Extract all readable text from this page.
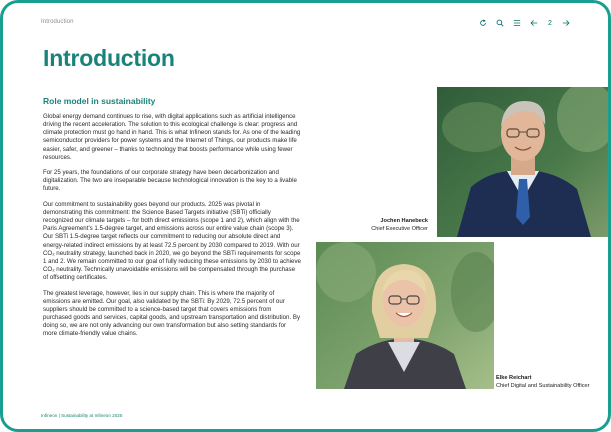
Introduction	2
Introduction
Role model in sustainability

Global energy demand continues to rise, with digital applications such as artificial intelligence driving the recent acceleration. The solution to this ecological challenge is clear: progress and climate protection must go hand in hand. This is what Infineon stands for. As one of the leading semiconductor providers for power systems and the Internet of Things, our products make life easier, safer, and greener – thanks to technology that boosts performance while using fewer resources.

For 25 years, the foundations of our corporate strategy have been decarbonization and digitalization. The two are inseparable because technological innovation is the key to a livable future.

Our commitment to sustainability goes beyond our products. 2025 was pivotal in demonstrating this commitment: the Science Based Targets initiative (SBTi) officially recognized our climate targets – for both direct emissions (scope 1 and 2), which align with the Paris Agreement’s 1.5-degree target, and emissions across our entire value chain (scope 3). Our SBTi 1.5-degree target reflects our commitment to reducing our absolute direct and energy-related indirect emissions by at least 72.5 percent by 2030 compared to 2019. With our CO₂ neutrality strategy, launched back in 2020, we go beyond the SBTi requirements for scope 1 and 2. We remain committed to our goal of fully reducing these emissions by 2030 to achieve CO₂ neutrality. Technically unavoidable emissions will be compensated through the purchase of offsetting certificates.

The greatest leverage, however, lies in our supply chain. This is where the majority of emissions are emitted. Our goal, also validated by the SBTi: By 2029, 72.5 percent of our suppliers should be committed to a science-based target that covers emissions from purchased goods and services, capital goods, and upstream transportation and distribution. By doing so, we are not only advancing our own transformation but also setting standards for more climate-friendly value chains.

Jochen Hanebeck
Chief Executive Officer
Elke Reichart
Chief Digital and Sustainability Officer
Infineon | Sustainability at Infineon 2025
